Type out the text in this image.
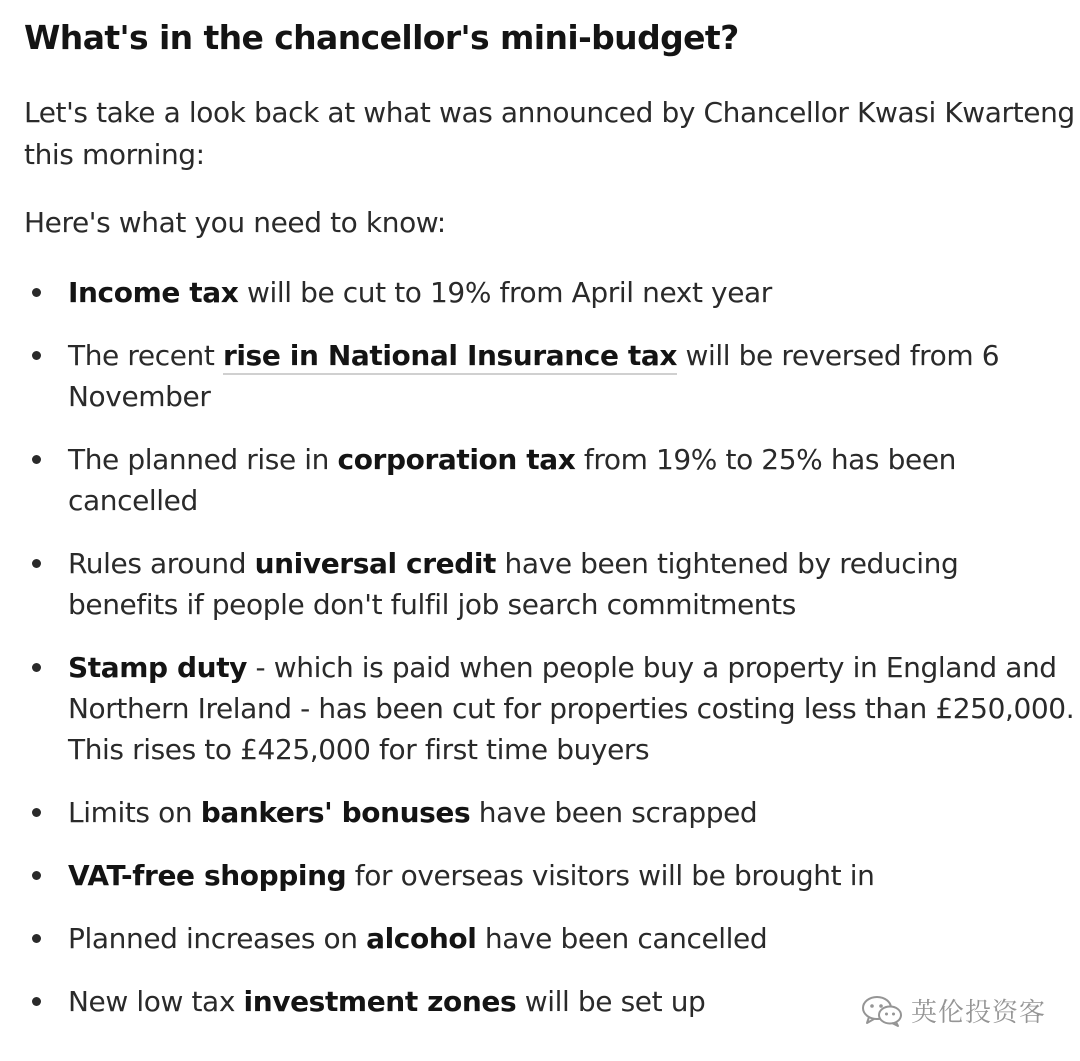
What's in the chancellor's mini-budget?

Let's take a look back at what was announced by Chancellor Kwasi Kwarteng this morning:

Here's what you need to know:

Income tax will be cut to 19% from April next year
The recent rise in National Insurance tax will be reversed from 6 November
The planned rise in corporation tax from 19% to 25% has been cancelled
Rules around universal credit have been tightened by reducing benefits if people don't fulfil job search commitments
Stamp duty - which is paid when people buy a property in England and Northern Ireland - has been cut for properties costing less than £250,000. This rises to £425,000 for first time buyers
Limits on bankers' bonuses have been scrapped
VAT-free shopping for overseas visitors will be brought in
Planned increases on alcohol have been cancelled
New low tax investment zones will be set up	英伦投资客
